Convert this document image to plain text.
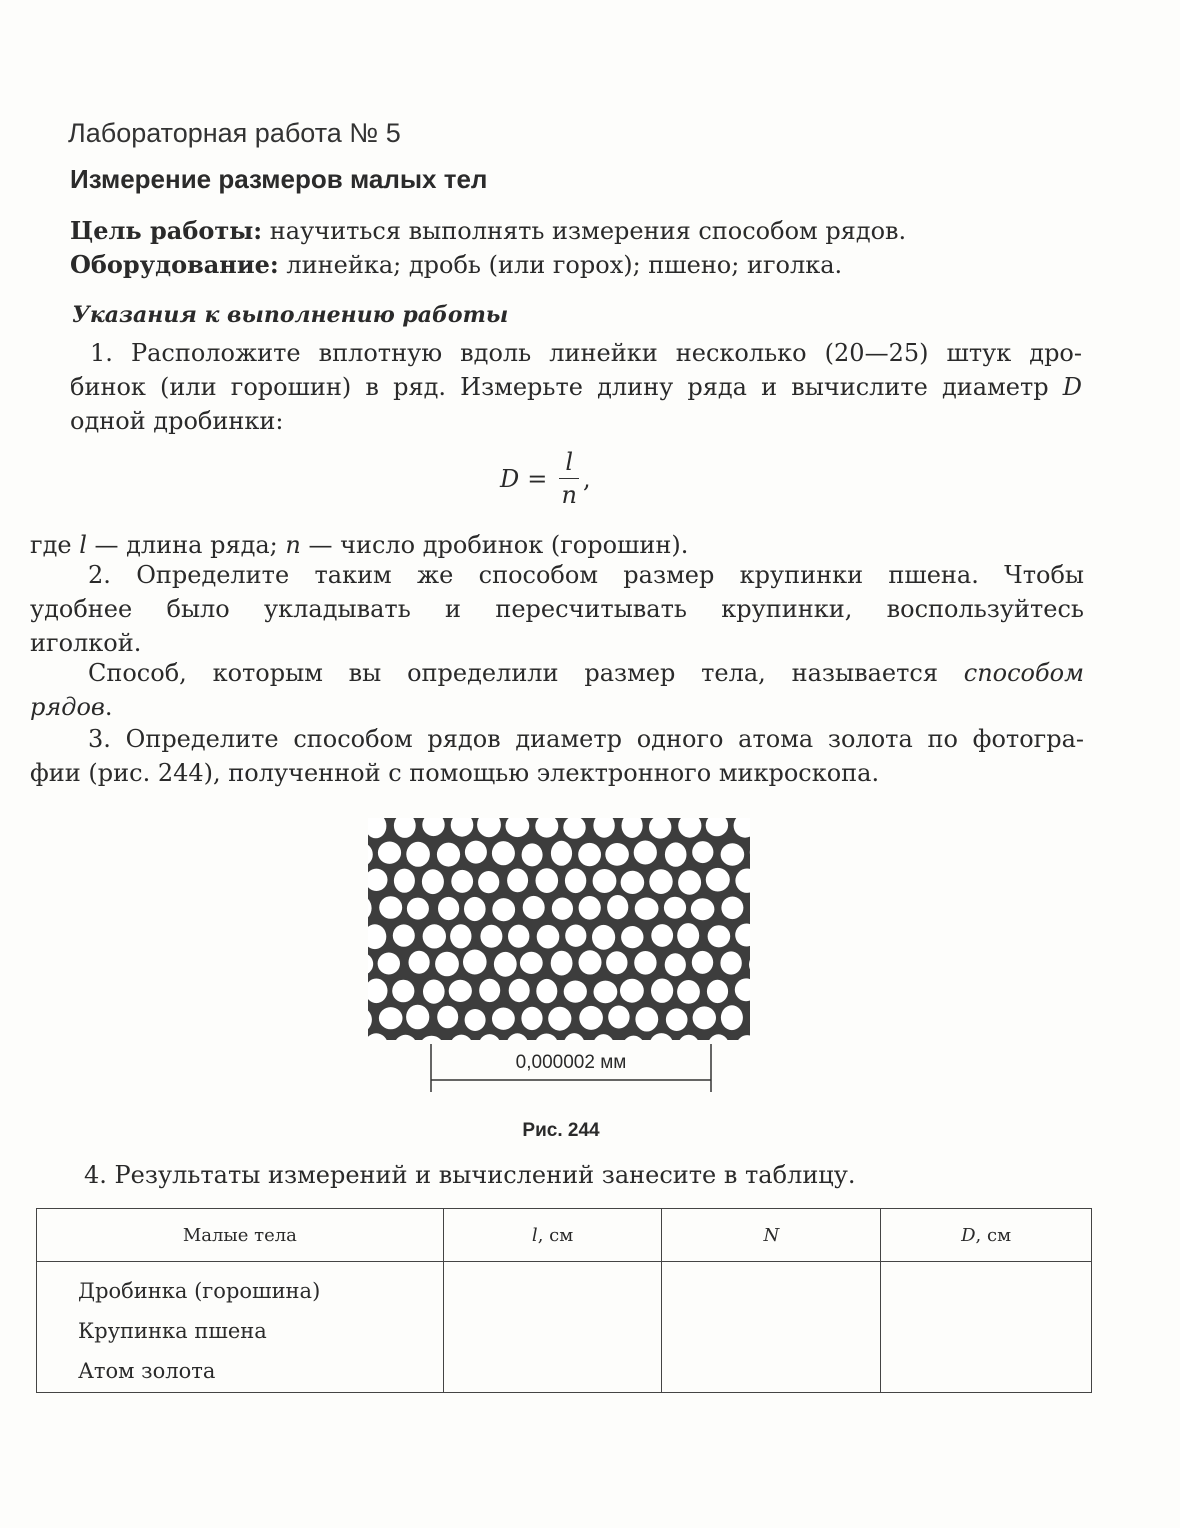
Лабораторная работа № 5
Измерение размеров малых тел
Цель работы: научиться выполнять измерения способом рядов.
Оборудование: линейка; дробь (или горох); пшено; иголка.
Указания к выполнению работы
1. Расположите вплотную вдоль линейки несколько (20—25) штук дро-
бинок (или горошин) в ряд. Измерьте длину ряда и вычислите диаметр D
одной дробинки:
$D = \frac{l}{n}$ ,
где l — длина ряда; n — число дробинок (горошин).
2. Определите таким же способом размер крупинки пшена. Чтобы
удобнее было укладывать и пересчитывать крупинки, воспользуйтесь
иголкой.
Способ, которым вы определили размер тела, называется способом
рядов.
3. Определите способом рядов диаметр одного атома золота по фотогра-
фии (рис. 244), полученной с помощью электронного микроскопа.
0,000002 мм
Рис. 244
4. Результаты измерений и вычислений занесите в таблицу.
Малые тела	l, см	N	D, см

Дробинка (горошина)
Крупинка пшена
Атом золота			
